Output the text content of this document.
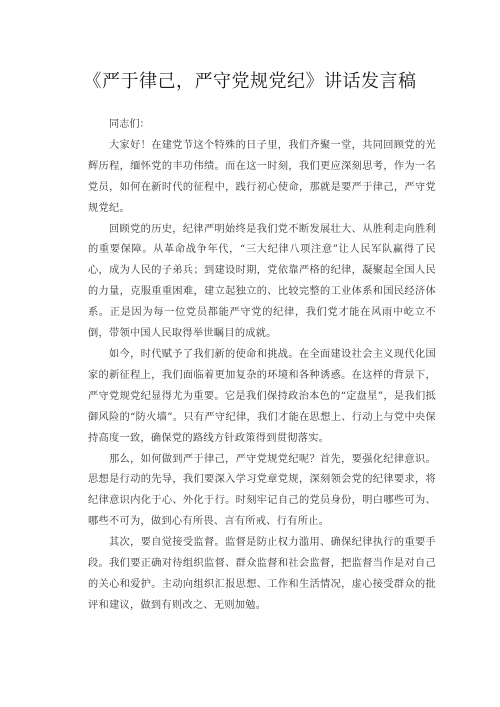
《严于律己，严守党规党纪》讲话发言稿

同志们：

大家好！在建党节这个特殊的日子里，我们齐聚一堂，共同回顾党的光辉历程，缅怀党的丰功伟绩。而在这一时刻，我们更应深刻思考，作为一名党员，如何在新时代的征程中，践行初心使命，那就是要严于律己，严守党规党纪。

回顾党的历史，纪律严明始终是我们党不断发展壮大、从胜利走向胜利的重要保障。从革命战争年代，“三大纪律八项注意”让人民军队赢得了民心，成为人民的子弟兵；到建设时期，党依靠严格的纪律，凝聚起全国人民的力量，克服重重困难，建立起独立的、比较完整的工业体系和国民经济体系。正是因为每一位党员都能严守党的纪律，我们党才能在风雨中屹立不倒，带领中国人民取得举世瞩目的成就。

如今，时代赋予了我们新的使命和挑战。在全面建设社会主义现代化国家的新征程上，我们面临着更加复杂的环境和各种诱惑。在这样的背景下，严守党规党纪显得尤为重要。它是我们保持政治本色的“定盘星”，是我们抵御风险的“防火墙”。只有严守纪律，我们才能在思想上、行动上与党中央保持高度一致，确保党的路线方针政策得到贯彻落实。

那么，如何做到严于律己，严守党规党纪呢？首先，要强化纪律意识。思想是行动的先导，我们要深入学习党章党规，深刻领会党的纪律要求，将纪律意识内化于心、外化于行。时刻牢记自己的党员身份，明白哪些可为、哪些不可为，做到心有所畏、言有所戒、行有所止。

其次，要自觉接受监督。监督是防止权力滥用、确保纪律执行的重要手段。我们要正确对待组织监督、群众监督和社会监督，把监督当作是对自己的关心和爱护。主动向组织汇报思想、工作和生活情况，虚心接受群众的批评和建议，做到有则改之、无则加勉。
